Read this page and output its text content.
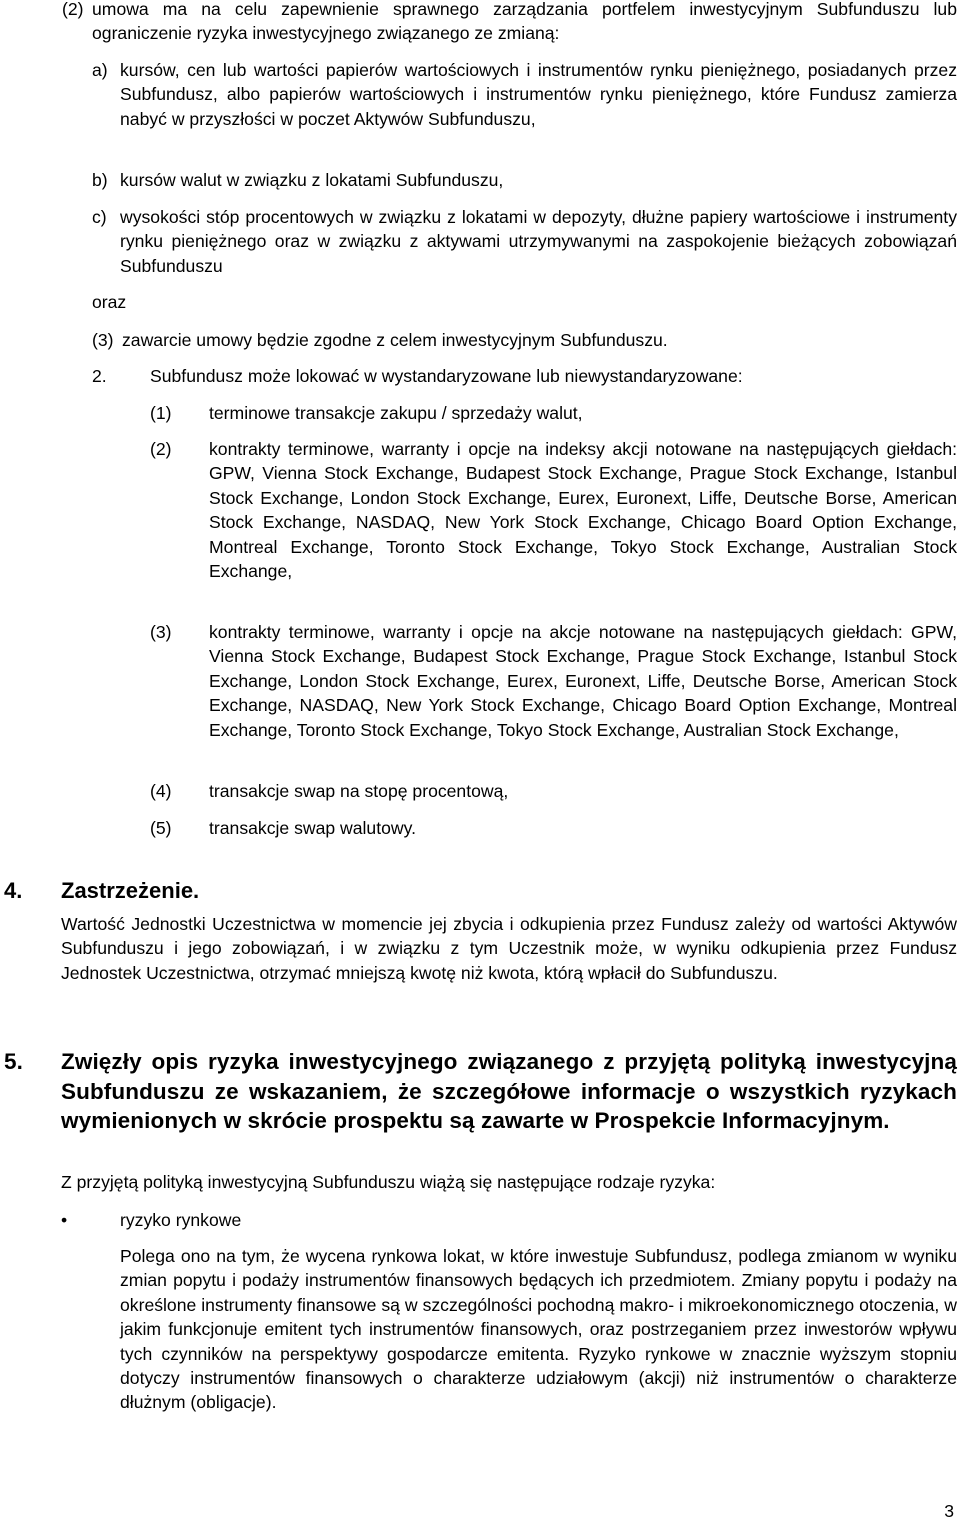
(2) umowa ma na celu zapewnienie sprawnego zarządzania portfelem inwestycyjnym Subfunduszu lub ograniczenie ryzyka inwestycyjnego związanego ze zmianą:
a) kursów, cen lub wartości papierów wartościowych i instrumentów rynku pieniężnego, posiadanych przez Subfundusz, albo papierów wartościowych i instrumentów rynku pieniężnego, które Fundusz zamierza nabyć w przyszłości w poczet Aktywów Subfunduszu,
b) kursów walut w związku z lokatami Subfunduszu,
c) wysokości stóp procentowych w związku z lokatami w depozyty, dłużne papiery wartościowe i instrumenty rynku pieniężnego oraz w związku z aktywami utrzymywanymi na zaspokojenie bieżących zobowiązań Subfunduszu
oraz
(3) zawarcie umowy będzie zgodne z celem inwestycyjnym Subfunduszu.
2. Subfundusz może lokować w wystandaryzowane lub niewystandaryzowane:
(1) terminowe transakcje zakupu / sprzedaży walut,
(2) kontrakty terminowe, warranty i opcje na indeksy akcji notowane na następujących giełdach: GPW, Vienna Stock Exchange, Budapest Stock Exchange, Prague Stock Exchange, Istanbul Stock Exchange, London Stock Exchange, Eurex, Euronext, Liffe, Deutsche Borse, American Stock Exchange, NASDAQ, New York Stock Exchange, Chicago Board Option Exchange, Montreal Exchange, Toronto Stock Exchange, Tokyo Stock Exchange, Australian Stock Exchange,
(3) kontrakty terminowe, warranty i opcje na akcje notowane na następujących giełdach: GPW, Vienna Stock Exchange, Budapest Stock Exchange, Prague Stock Exchange, Istanbul Stock Exchange, London Stock Exchange, Eurex, Euronext, Liffe, Deutsche Borse, American Stock Exchange, NASDAQ, New York Stock Exchange, Chicago Board Option Exchange, Montreal Exchange, Toronto Stock Exchange, Tokyo Stock Exchange, Australian Stock Exchange,
(4) transakcje swap na stopę procentową,
(5) transakcje swap walutowy.
4. Zastrzeżenie.
Wartość Jednostki Uczestnictwa w momencie jej zbycia i odkupienia przez Fundusz zależy od wartości Aktywów Subfunduszu i jego zobowiązań, i w związku z tym Uczestnik może, w wyniku odkupienia przez Fundusz Jednostek Uczestnictwa, otrzymać mniejszą kwotę niż kwota, którą wpłacił do Subfunduszu.
5. Zwięzły opis ryzyka inwestycyjnego związanego z przyjętą polityką inwestycyjną Subfunduszu ze wskazaniem, że szczegółowe informacje o wszystkich ryzykach wymienionych w skrócie prospektu są zawarte w Prospekcie Informacyjnym.
Z przyjętą polityką inwestycyjną Subfunduszu wiążą się następujące rodzaje ryzyka:
•	ryzyko rynkowe
Polega ono na tym, że wycena rynkowa lokat, w które inwestuje Subfundusz, podlega zmianom w wyniku zmian popytu i podaży instrumentów finansowych będących ich przedmiotem. Zmiany popytu i podaży na określone instrumenty finansowe są w szczególności pochodną makro- i mikroekonomicznego otoczenia, w jakim funkcjonuje emitent tych instrumentów finansowych, oraz postrzeganiem przez inwestorów wpływu tych czynników na perspektywy gospodarcze emitenta. Ryzyko rynkowe w znacznie wyższym stopniu dotyczy instrumentów finansowych o charakterze udziałowym (akcji) niż instrumentów o charakterze dłużnym (obligacje).
3
